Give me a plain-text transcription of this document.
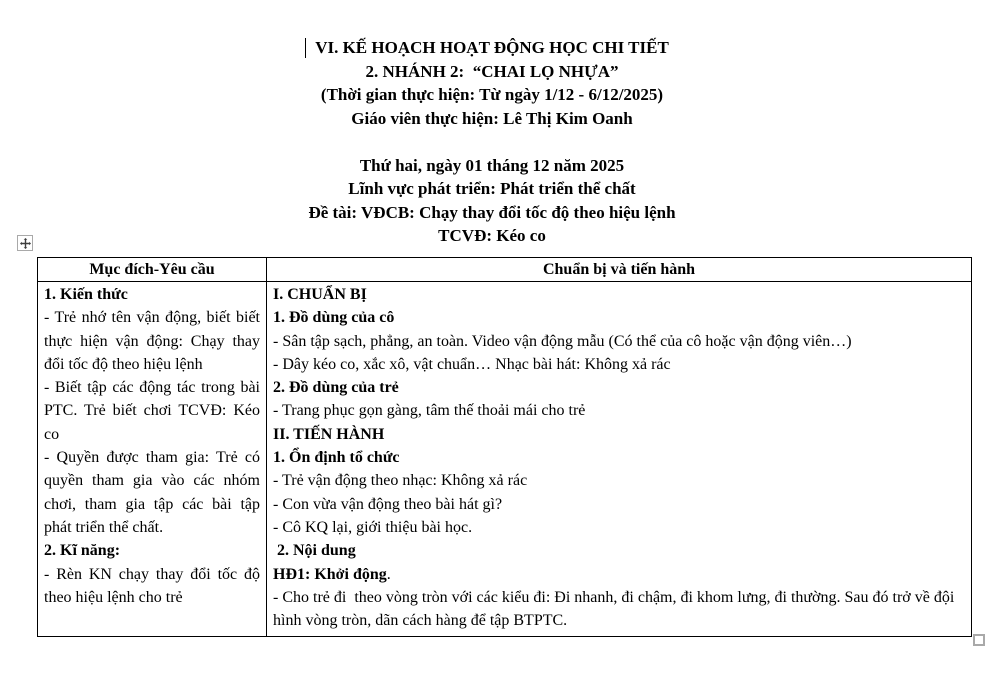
VI. KẾ HOẠCH HOẠT ĐỘNG HỌC CHI TIẾT
2. NHÁNH 2:  “CHAI LỌ NHỰA”
(Thời gian thực hiện: Từ ngày 1/12 - 6/12/2025)
Giáo viên thực hiện: Lê Thị Kim Oanh
Thứ hai, ngày 01 tháng 12 năm 2025
Lĩnh vực phát triển: Phát triển thể chất
Đề tài: VĐCB: Chạy thay đổi tốc độ theo hiệu lệnh
TCVĐ: Kéo co
Mục đích-Yêu cầu	Chuẩn bị và tiến hành

1. Kiến thức
- Trẻ nhớ tên vận động, biết biết thực hiện vận động: Chạy thay đổi tốc độ theo hiệu lệnh
- Biết tập các động tác trong bài PTC. Trẻ biết chơi TCVĐ: Kéo co
- Quyền được tham gia: Trẻ có quyền tham gia vào các nhóm chơi, tham gia tập các bài tập phát triển thể chất.
2. Kĩ năng:
- Rèn KN chạy thay đổi tốc độ theo hiệu lệnh cho trẻ

I. CHUẨN BỊ
1. Đồ dùng của cô
- Sân tập sạch, phẳng, an toàn. Video vận động mẫu (Có thể của cô hoặc vận động viên…)
- Dây kéo co, xắc xô, vật chuẩn… Nhạc bài hát: Không xả rác
2. Đồ dùng của trẻ
- Trang phục gọn gàng, tâm thế thoải mái cho trẻ
II. TIẾN HÀNH
1. Ổn định tổ chức
- Trẻ vận động theo nhạc: Không xả rác
- Con vừa vận động theo bài hát gì?
- Cô KQ lại, giới thiệu bài học.
2. Nội dung
HĐ1: Khởi động.
- Cho trẻ đi  theo vòng tròn với các kiểu đi: Đi nhanh, đi chậm, đi khom lưng, đi thường. Sau đó trở về đội hình vòng tròn, dãn cách hàng để tập BTPTC.
